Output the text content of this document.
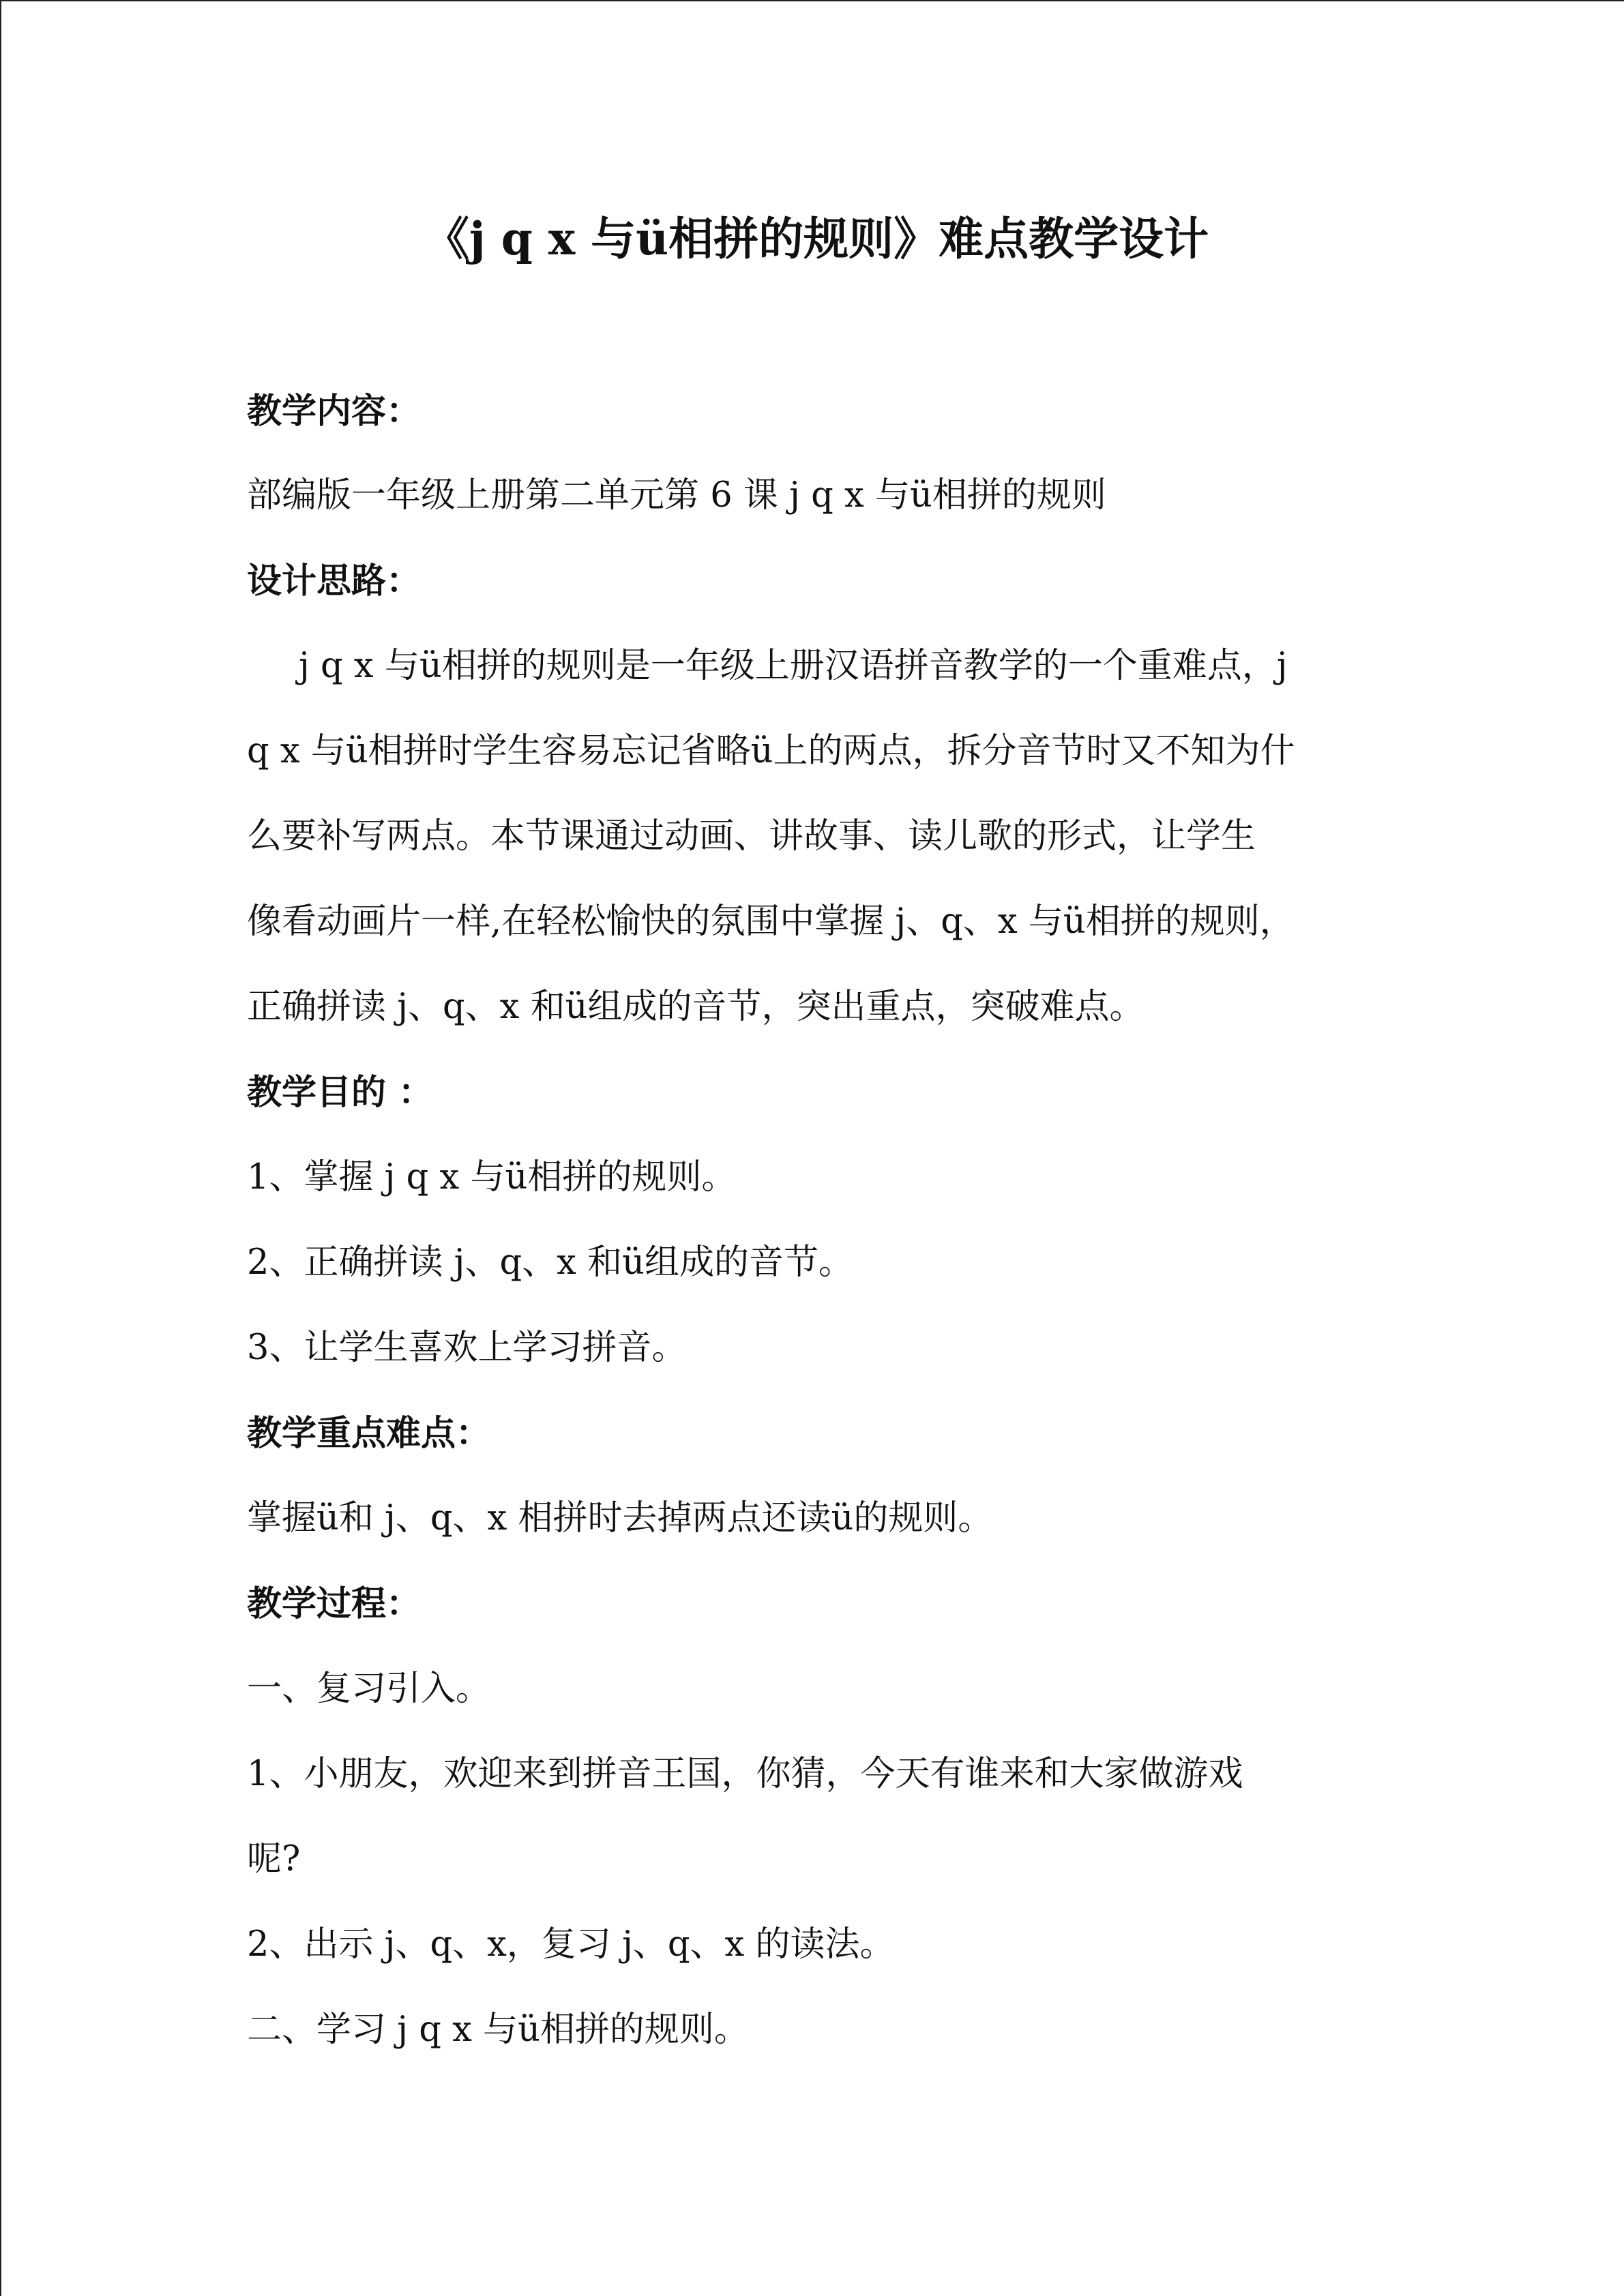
《j q x 与ü相拼的规则》难点教学设计
教学内容：
部编版一年级上册第二单元第 6 课 j q x 与ü相拼的规则
设计思路：
j q x 与ü相拼的规则是一年级上册汉语拼音教学的一个重难点，j
q x 与ü相拼时学生容易忘记省略ü上的两点，拆分音节时又不知为什
么要补写两点。本节课通过动画、讲故事、读儿歌的形式，让学生
像看动画片一样,在轻松愉快的氛围中掌握 j、q、x 与ü相拼的规则，
正确拼读 j、q、x 和ü组成的音节，突出重点，突破难点。
教学目的 ：
1、掌握 j q x 与ü相拼的规则。
2、正确拼读 j、q、x 和ü组成的音节。
3、让学生喜欢上学习拼音。
教学重点难点：
掌握ü和 j、q、x 相拼时去掉两点还读ü的规则。
教学过程：
一、复习引入。
1、小朋友，欢迎来到拼音王国，你猜，今天有谁来和大家做游戏
呢?
2、出示 j、q、x，复习 j、q、x 的读法。
二、学习 j q x 与ü相拼的规则。
